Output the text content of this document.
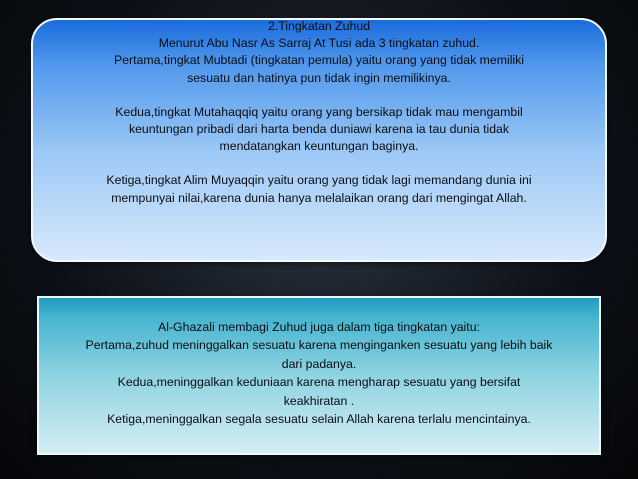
2.Tingkatan Zuhud

Menurut Abu Nasr As Sarraj At Tusi ada 3 tingkatan zuhud.

Pertama,tingkat Mubtadi (tingkatan pemula) yaitu orang yang tidak memiliki

sesuatu dan hatinya pun tidak ingin memilikinya.

Kedua,tingkat Mutahaqqiq yaitu orang yang bersikap tidak mau mengambil

keuntungan pribadi dari harta benda duniawi karena ia tau dunia tidak

mendatangkan keuntungan baginya.

Ketiga,tingkat Alim Muyaqqin yaitu orang yang tidak lagi memandang dunia ini

mempunyai nilai,karena dunia hanya melalaikan orang dari mengingat Allah.

Al-Ghazali membagi Zuhud juga dalam tiga tingkatan yaitu:

Pertama,zuhud meninggalkan sesuatu karena menginganken sesuatu yang lebih baik

dari padanya.

Kedua,meninggalkan keduniaan karena mengharap sesuatu yang bersifat

keakhiratan .

Ketiga,meninggalkan segala sesuatu selain Allah karena terlalu mencintainya.
